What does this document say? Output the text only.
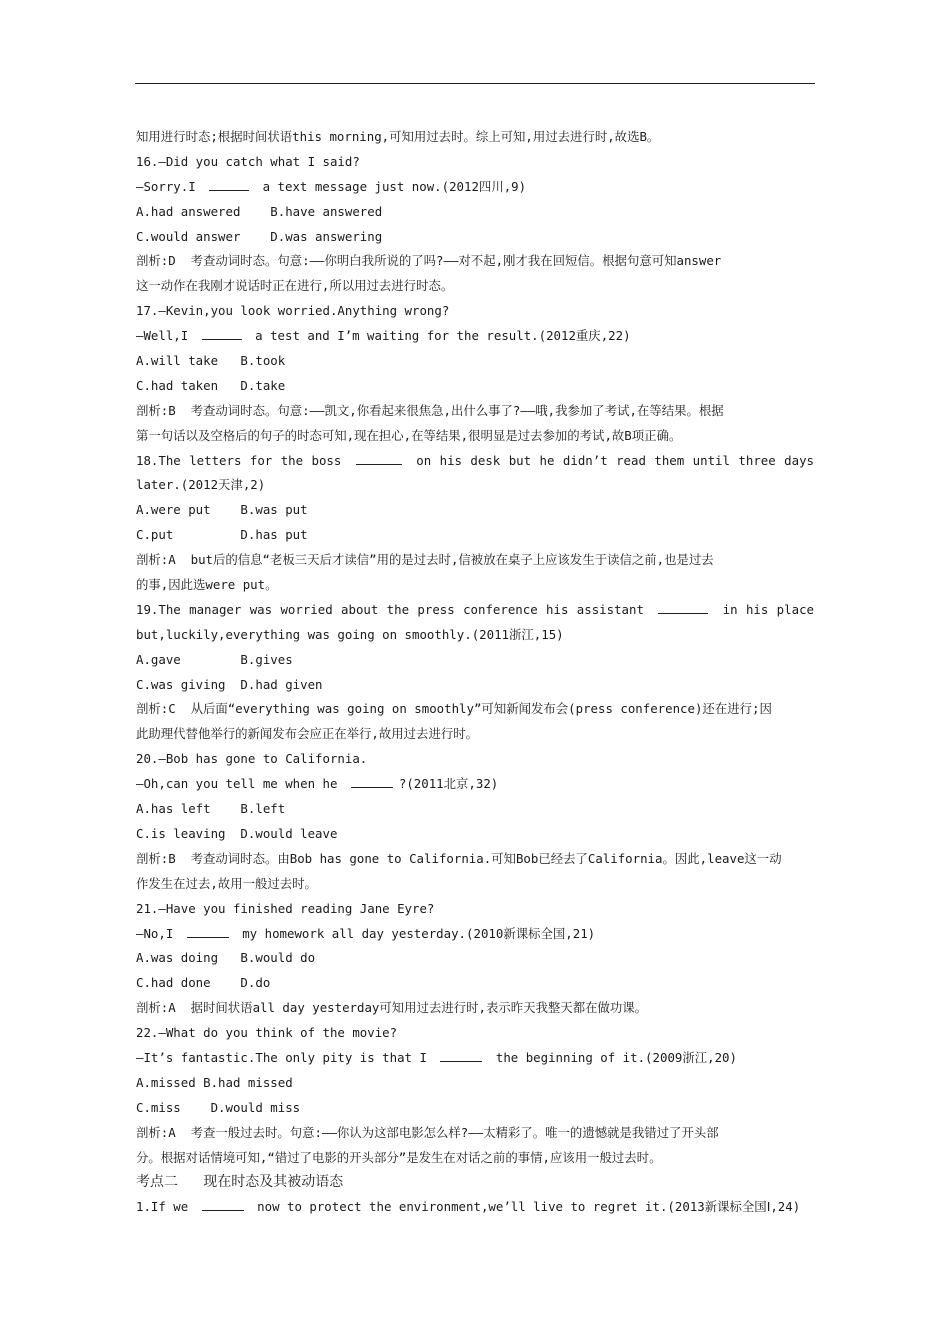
知用进行时态;根据时间状语this morning,可知用过去时。综上可知,用过去进行时,故选B。
16.—Did you catch what I said?
—Sorry.I	a text message just now.(2012四川,9)
A.had answered    B.have answered
C.would answer    D.was answering
剖析:D  考查动词时态。句意:——你明白我所说的了吗?——对不起,刚才我在回短信。根据句意可知answer
这一动作在我刚才说话时正在进行,所以用过去进行时态。
17.—Kevin,you look worried.Anything wrong?
—Well,I	a test and I’m waiting for the result.(2012重庆,22)
A.will take   B.took
C.had taken   D.take
剖析:B  考查动词时态。句意:——凯文,你看起来很焦急,出什么事了?——哦,我参加了考试,在等结果。根据
第一句话以及空格后的句子的时态可知,现在担心,在等结果,很明显是过去参加的考试,故B项正确。
18.The letters for the boss	on his desk but he didn’t read them until three days
later.(2012天津,2)
A.were put    B.was put
C.put         D.has put
剖析:A  but后的信息“老板三天后才读信”用的是过去时,信被放在桌子上应该发生于读信之前,也是过去
的事,因此选were put。
19.The manager was worried about the press conference his assistant	in his place
but,luckily,everything was going on smoothly.(2011浙江,15)
A.gave        B.gives
C.was giving  D.had given
剖析:C  从后面“everything was going on smoothly”可知新闻发布会(press conference)还在进行;因
此助理代替他举行的新闻发布会应正在举行,故用过去进行时。
20.—Bob has gone to California.
—Oh,can you tell me when he	?(2011北京,32)
A.has left    B.left
C.is leaving  D.would leave
剖析:B  考查动词时态。由Bob has gone to California.可知Bob已经去了California。因此,leave这一动
作发生在过去,故用一般过去时。
21.—Have you finished reading Jane Eyre?
—No,I	my homework all day yesterday.(2010新课标全国,21)
A.was doing   B.would do
C.had done    D.do
剖析:A  据时间状语all day yesterday可知用过去进行时,表示昨天我整天都在做功课。
22.—What do you think of the movie?
—It’s fantastic.The only pity is that I	the beginning of it.(2009浙江,20)
A.missed B.had missed
C.miss    D.would miss
剖析:A  考查一般过去时。句意:——你认为这部电影怎么样?——太精彩了。唯一的遗憾就是我错过了开头部
分。根据对话情境可知,“错过了电影的开头部分”是发生在对话之前的事情,应该用一般过去时。
考点二   现在时态及其被动语态
1.If we	now to protect the environment,we’ll live to regret it.(2013新课标全国Ⅰ,24)
